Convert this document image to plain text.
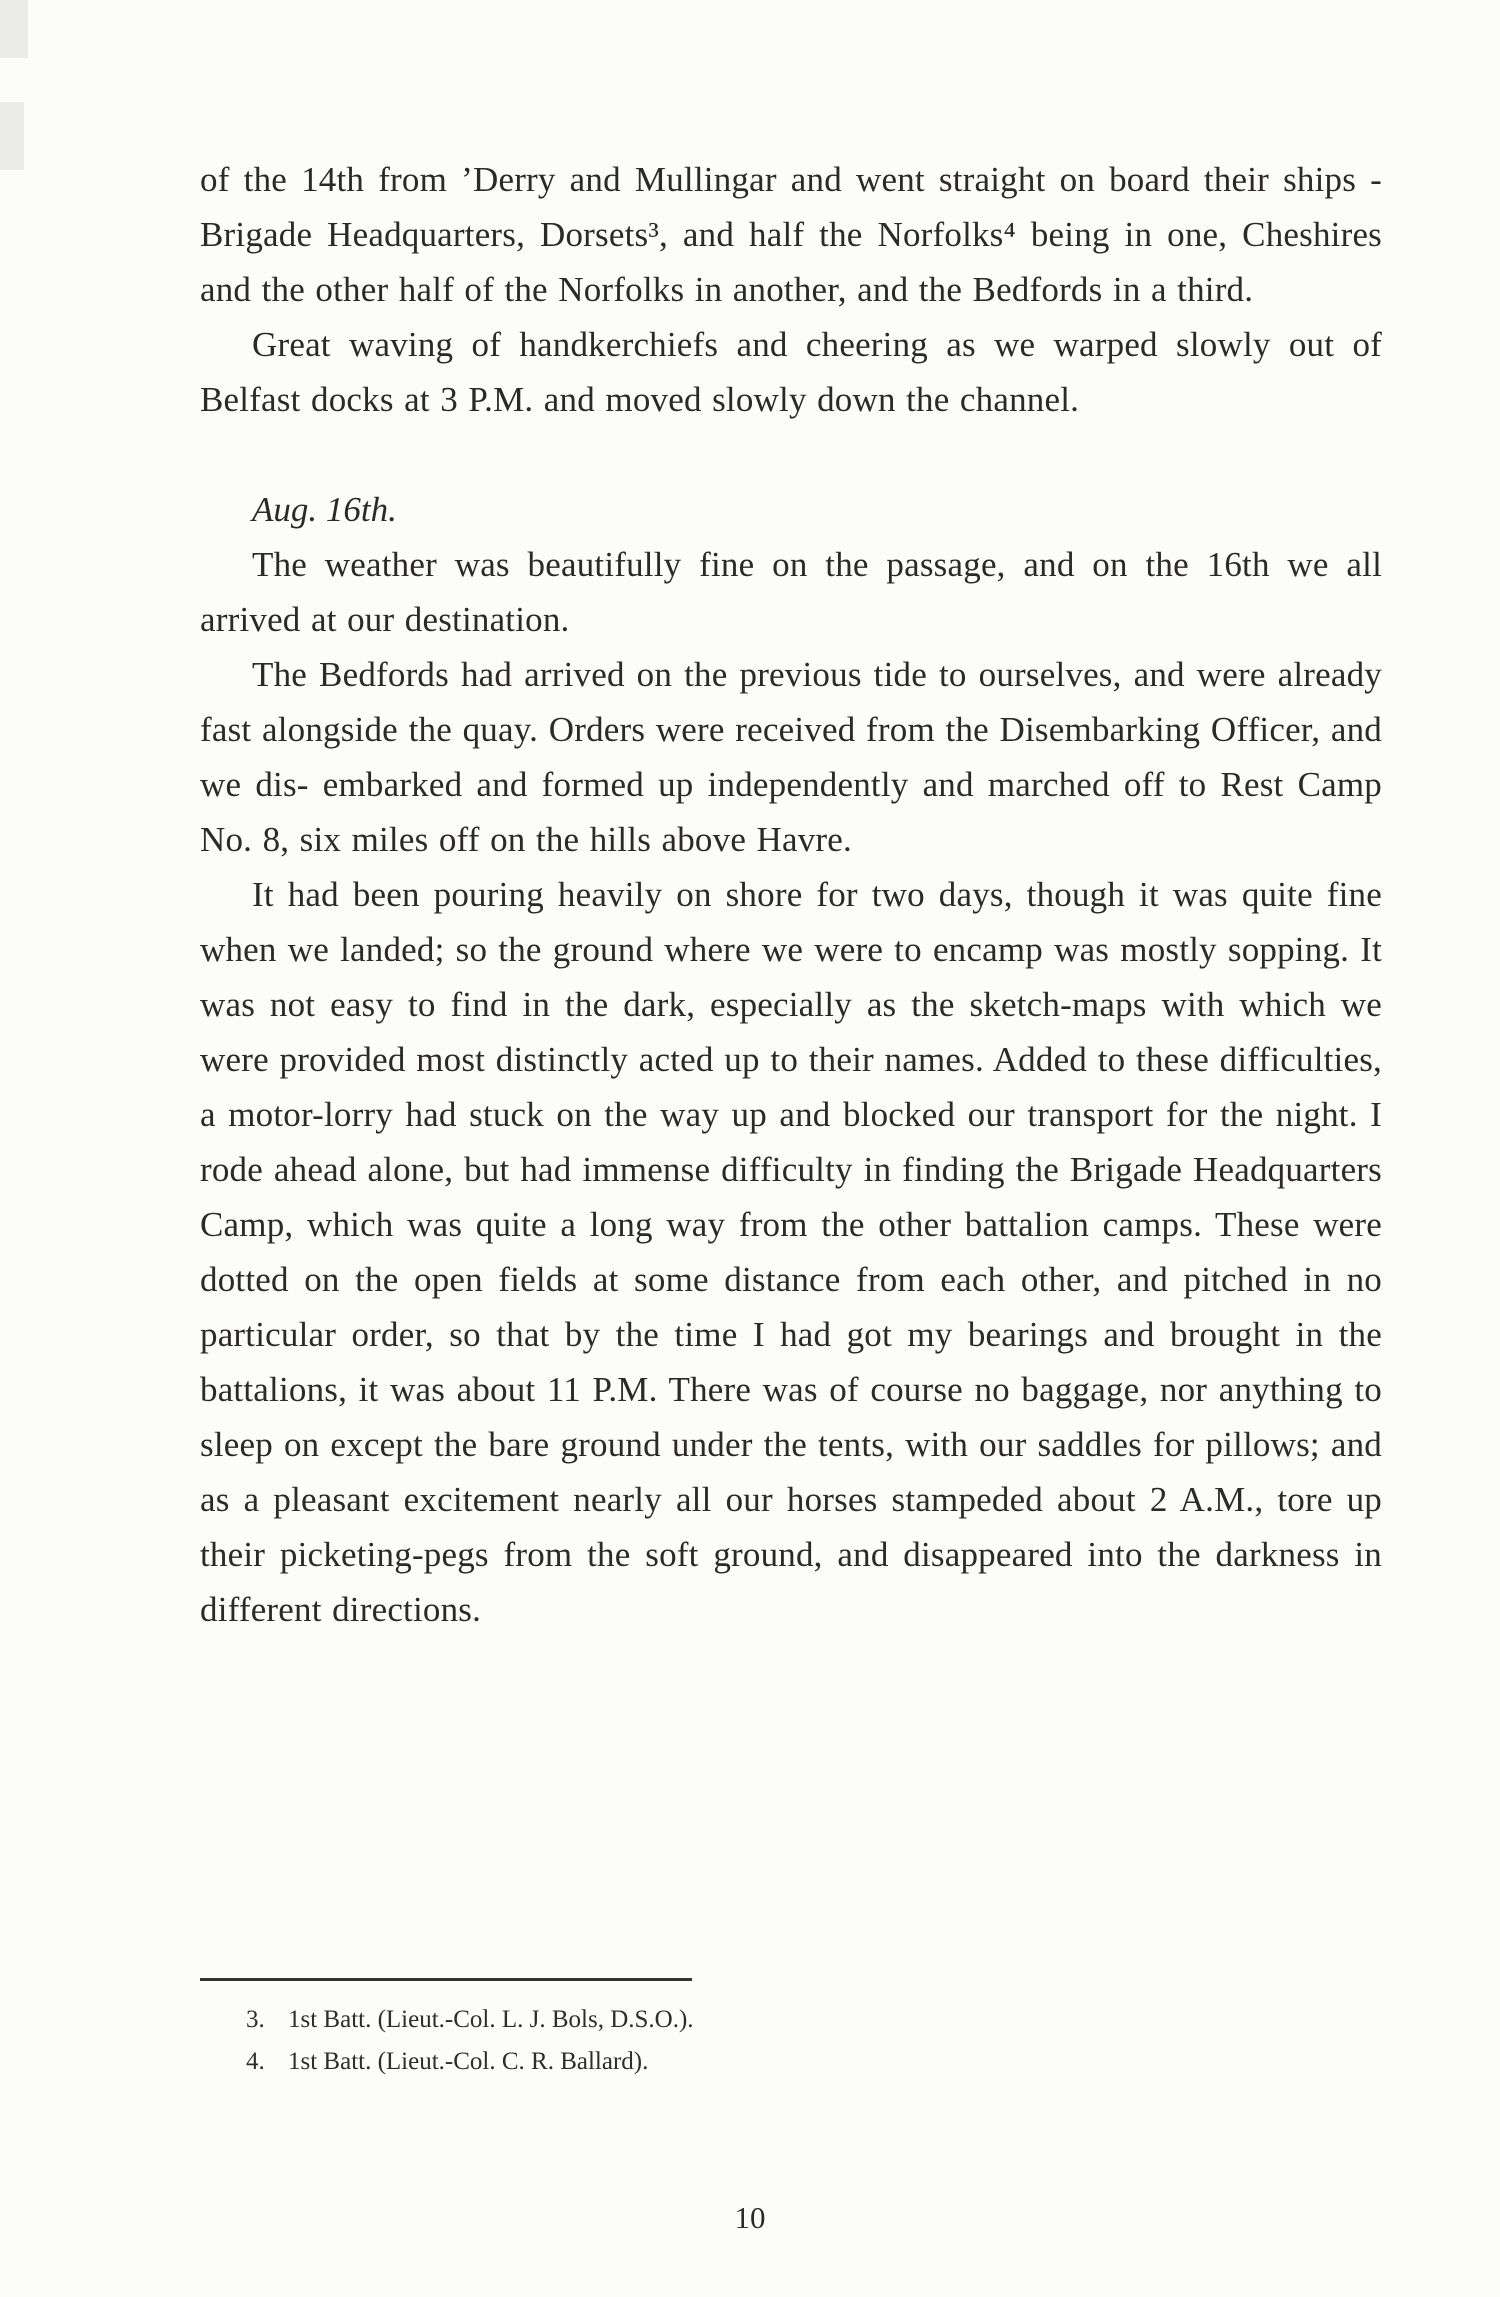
of the 14th from ’Derry and Mullingar and went straight on board their ships - Brigade Headquarters, Dorsets³, and half the Norfolks⁴ being in one, Cheshires and the other half of the Norfolks in another, and the Bedfords in a third.

Great waving of handkerchiefs and cheering as we warped slowly out of Belfast docks at 3 P.M. and moved slowly down the channel.

Aug. 16th.

The weather was beautifully fine on the passage, and on the 16th we all arrived at our destination.

The Bedfords had arrived on the previous tide to ourselves, and were already fast alongside the quay. Orders were received from the Disembarking Officer, and we dis- embarked and formed up independently and marched off to Rest Camp No. 8, six miles off on the hills above Havre.

It had been pouring heavily on shore for two days, though it was quite fine when we landed; so the ground where we were to encamp was mostly sopping. It was not easy to find in the dark, especially as the sketch-maps with which we were provided most distinctly acted up to their names. Added to these difficulties, a motor-lorry had stuck on the way up and blocked our transport for the night. I rode ahead alone, but had immense difficulty in finding the Brigade Headquarters Camp, which was quite a long way from the other battalion camps. These were dotted on the open fields at some distance from each other, and pitched in no particular order, so that by the time I had got my bearings and brought in the battalions, it was about 11 P.M. There was of course no baggage, nor anything to sleep on except the bare ground under the tents, with our saddles for pillows; and as a pleasant excitement nearly all our horses stampeded about 2 A.M., tore up their picketing-pegs from the soft ground, and disappeared into the darkness in different directions.

3. 1st Batt. (Lieut.-Col. L. J. Bols, D.S.O.).
4. 1st Batt. (Lieut.-Col. C. R. Ballard).
10
